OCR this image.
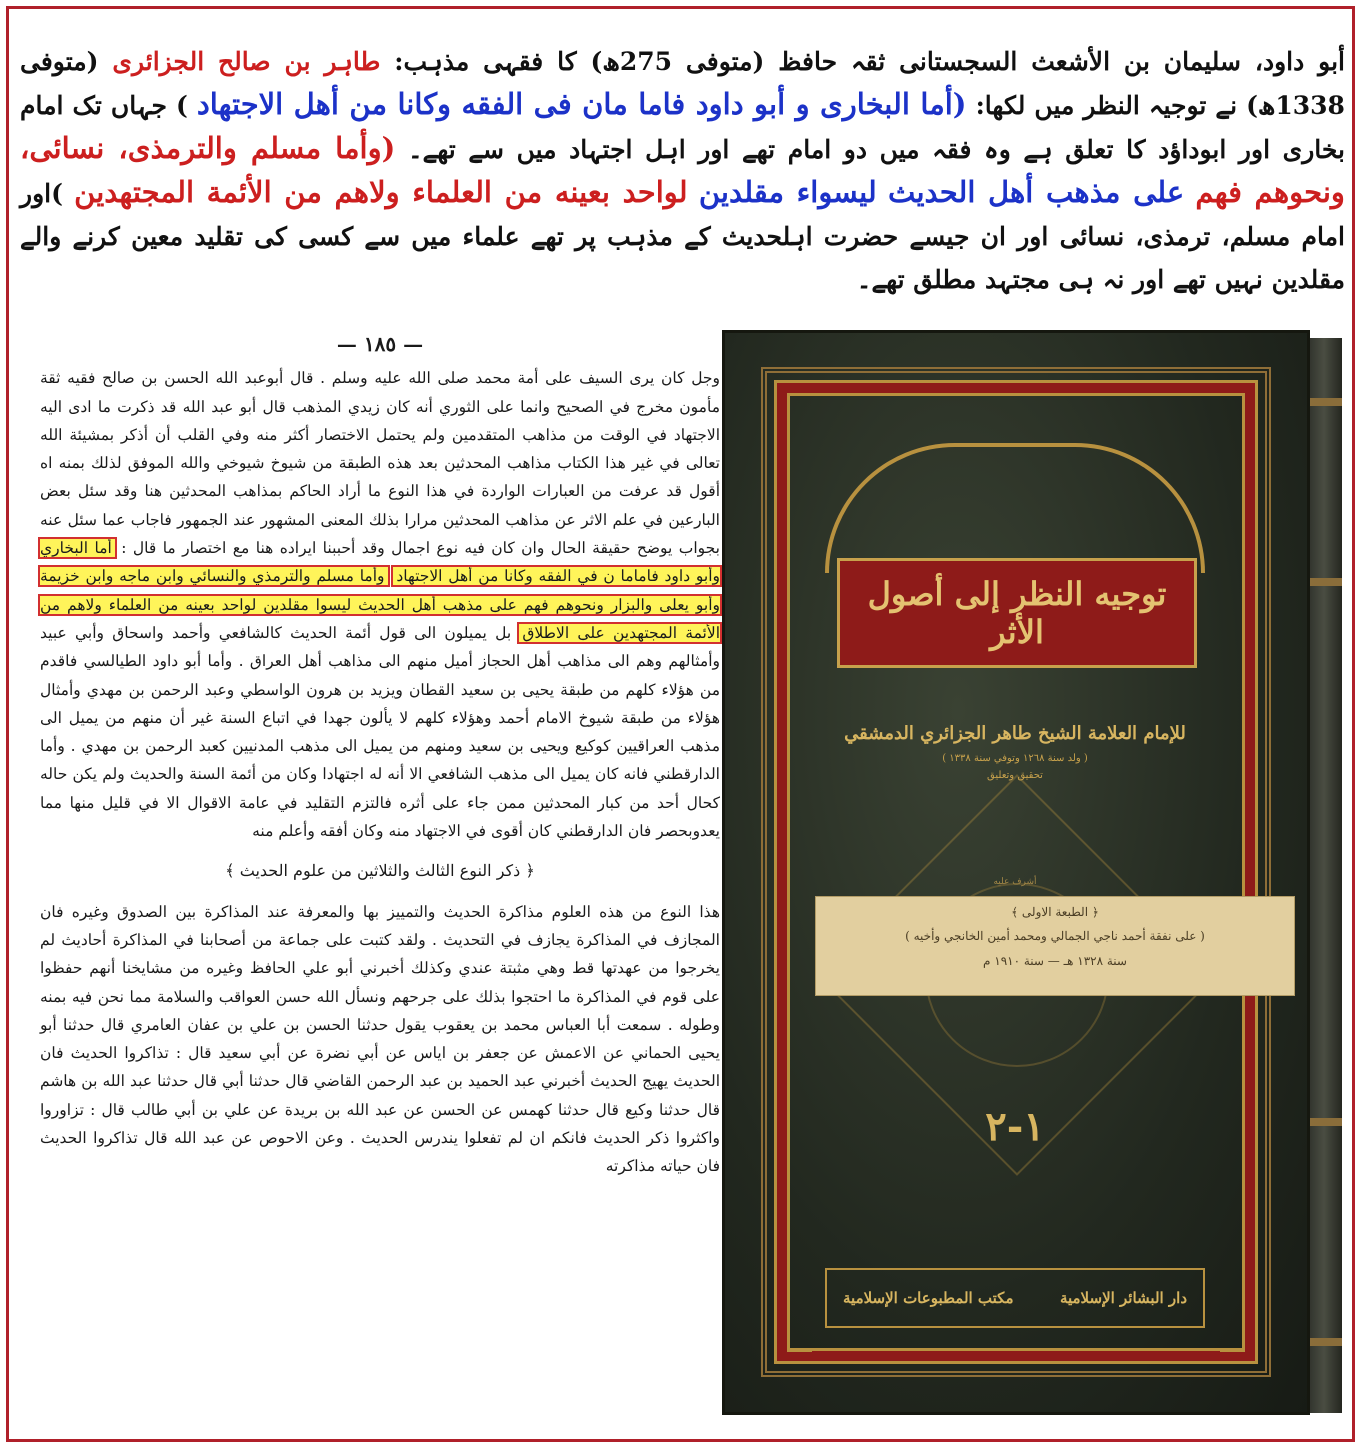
أبو داود، سلیمان بن الأشعث السجستانی ثقہ حافظ (متوفی 275ھ) کا فقہی مذہب: طاہر بن صالح الجزائری (متوفی 1338ھ) نے توجیہ النظر میں لکھا: (أما البخاری و أبو داود فاما مان فی الفقه وکانا من أهل الاجتهاد ) جہاں تک امام بخاری اور ابوداؤد کا تعلق ہے وہ فقہ میں دو امام تھے اور اہل اجتہاد میں سے تھے۔ (وأما مسلم والترمذی، نسائی، ونحوهم فهم علی مذهب أهل الحدیث لیسواء مقلدین لواحد بعینه من العلماء ولاهم من الأئمة المجتهدین )اور امام مسلم، ترمذی، نسائی اور ان جیسے حضرت اہلحدیث کے مذہب پر تھے علماء میں سے کسی کی تقلید معین کرنے والے مقلدین نہیں تھے اور نہ ہی مجتہد مطلق تھے۔
— ١٨٥ —

وجل كان يرى السيف على أمة محمد صلى الله عليه وسلم . قال أبوعبد الله الحسن بن صالح فقيه ثقة مأمون مخرج في الصحيح وانما على الثوري أنه كان زيدي المذهب قال أبو عبد الله قد ذكرت ما ادى اليه الاجتهاد في الوقت من مذاهب المتقدمين ولم يحتمل الاختصار أكثر منه وفي القلب أن أذكر بمشيئة الله تعالى في غير هذا الكتاب مذاهب المحدثين بعد هذه الطبقة من شيوخ شيوخي والله الموفق لذلك بمنه اه أقول قد عرفت من العبارات الواردة في هذا النوع ما أراد الحاكم بمذاهب المحدثين هنا وقد سئل بعض البارعين في علم الاثر عن مذاهب المحدثين مرارا بذلك المعنى المشهور عند الجمهور فاجاب عما سئل عنه بجواب يوضح حقيقة الحال وان كان فيه نوع اجمال وقد أحببنا ايراده هنا مع اختصار ما قال : أما البخاري وأبو داود فاماما ن في الفقه وكانا من أهل الاجتهاد وأما مسلم والترمذي والنسائي وابن ماجه وابن خزيمة وأبو يعلى والبزار ونحوهم فهم على مذهب أهل الحديث ليسوا مقلدين لواحد بعينه من العلماء ولاهم من الأئمة المجتهدين على الاطلاق بل يميلون الى قول أئمة الحديث كالشافعي وأحمد واسحاق وأبي عبيد وأمثالهم وهم الى مذاهب أهل الحجاز أميل منهم الى مذاهب أهل العراق . وأما أبو داود الطيالسي فاقدم من هؤلاء كلهم من طبقة يحيى بن سعيد القطان ويزيد بن هرون الواسطي وعبد الرحمن بن مهدي وأمثال هؤلاء من طبقة شيوخ الامام أحمد وهؤلاء كلهم لا يألون جهدا في اتباع السنة غير أن منهم من يميل الى مذهب العراقيين كوكيع ويحيى بن سعيد ومنهم من يميل الى مذهب المدنيين كعبد الرحمن بن مهدي . وأما الدارقطني فانه كان يميل الى مذهب الشافعي الا أنه له اجتهادا وكان من أئمة السنة والحديث ولم يكن حاله كحال أحد من كبار المحدثين ممن جاء على أثره فالتزم التقليد في عامة الاقوال الا في قليل منها مما يعدوبحصر فان الدارقطني كان أقوى في الاجتهاد منه وكان أفقه وأعلم منه

﴿ ذكر النوع الثالث والثلاثين من علوم الحديث ﴾

هذا النوع من هذه العلوم مذاكرة الحديث والتمييز بها والمعرفة عند المذاكرة بين الصدوق وغيره فان المجازف في المذاكرة يجازف في التحديث . ولقد كتبت على جماعة من أصحابنا في المذاكرة أحاديث لم يخرجوا من عهدتها قط وهي مثبتة عندي وكذلك أخبرني أبو علي الحافظ وغيره من مشايخنا أنهم حفظوا على قوم في المذاكرة ما احتجوا بذلك على جرحهم ونسأل الله حسن العواقب والسلامة مما نحن فيه بمنه وطوله . سمعت أبا العباس محمد بن يعقوب يقول حدثنا الحسن بن علي بن عفان العامري قال حدثنا أبو يحيى الحماني عن الاعمش عن جعفر بن اياس عن أبي نضرة عن أبي سعيد قال : تذاكروا الحديث فان الحديث يهيج الحديث أخبرني عبد الحميد بن عبد الرحمن القاضي قال حدثنا أبي قال حدثنا عبد الله بن هاشم قال حدثنا وكيع قال حدثنا كهمس عن الحسن عن عبد الله بن بريدة عن علي بن أبي طالب قال : تزاوروا واكثروا ذكر الحديث فانكم ان لم تفعلوا يندرس الحديث . وعن الاحوص عن عبد الله قال تذاكروا الحديث فان حياته مذاكرته

توجيه النظر إلى أصول الأثر
للإمام العلامة الشيخ طاهر الجزائري الدمشقي
( ولد سنة ١٢٦٨ وتوفي سنة ١٣٣٨ )
تحقيق وتعليق
أشرف عليه
﴿ الطبعة الاولى ﴾
( على نفقة أحمد ناجي الجمالي ومحمد أمين الخانجي وأخيه )
سنة ١٣٢٨ هـ — سنة ١٩١٠ م
١-٢
دار البشائر الإسلامية
مكتب المطبوعات الإسلامية
